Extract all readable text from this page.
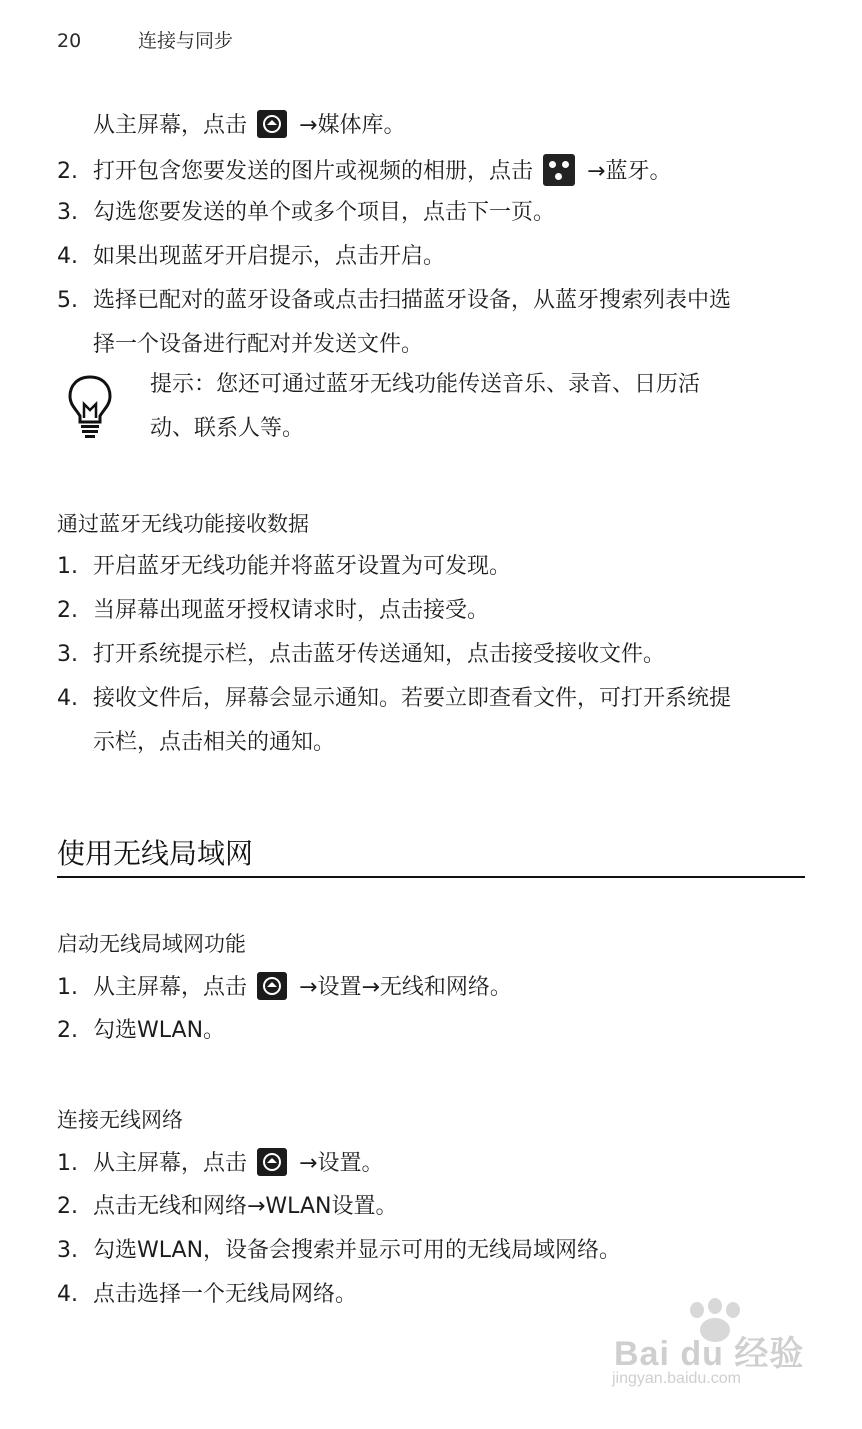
20	连接与同步
从主屏幕，点击 →媒体库。
2. 打开包含您要发送的图片或视频的相册，点击 →蓝牙。
3. 勾选您要发送的单个或多个项目，点击下一页。
4. 如果出现蓝牙开启提示，点击开启。
5. 选择已配对的蓝牙设备或点击扫描蓝牙设备，从蓝牙搜索列表中选
择一个设备进行配对并发送文件。
提示：您还可通过蓝牙无线功能传送音乐、录音、日历活
动、联系人等。
通过蓝牙无线功能接收数据
1. 开启蓝牙无线功能并将蓝牙设置为可发现。
2. 当屏幕出现蓝牙授权请求时，点击接受。
3. 打开系统提示栏，点击蓝牙传送通知，点击接受接收文件。
4. 接收文件后，屏幕会显示通知。若要立即查看文件，可打开系统提
示栏，点击相关的通知。
使用无线局域网
启动无线局域网功能
1. 从主屏幕，点击 →设置→无线和网络。
2. 勾选WLAN。
连接无线网络
1. 从主屏幕，点击 →设置。
2. 点击无线和网络→WLAN设置。
3. 勾选WLAN，设备会搜索并显示可用的无线局域网络。
4. 点击选择一个无线局网络。
Bai du 经验
jingyan.baidu.com
